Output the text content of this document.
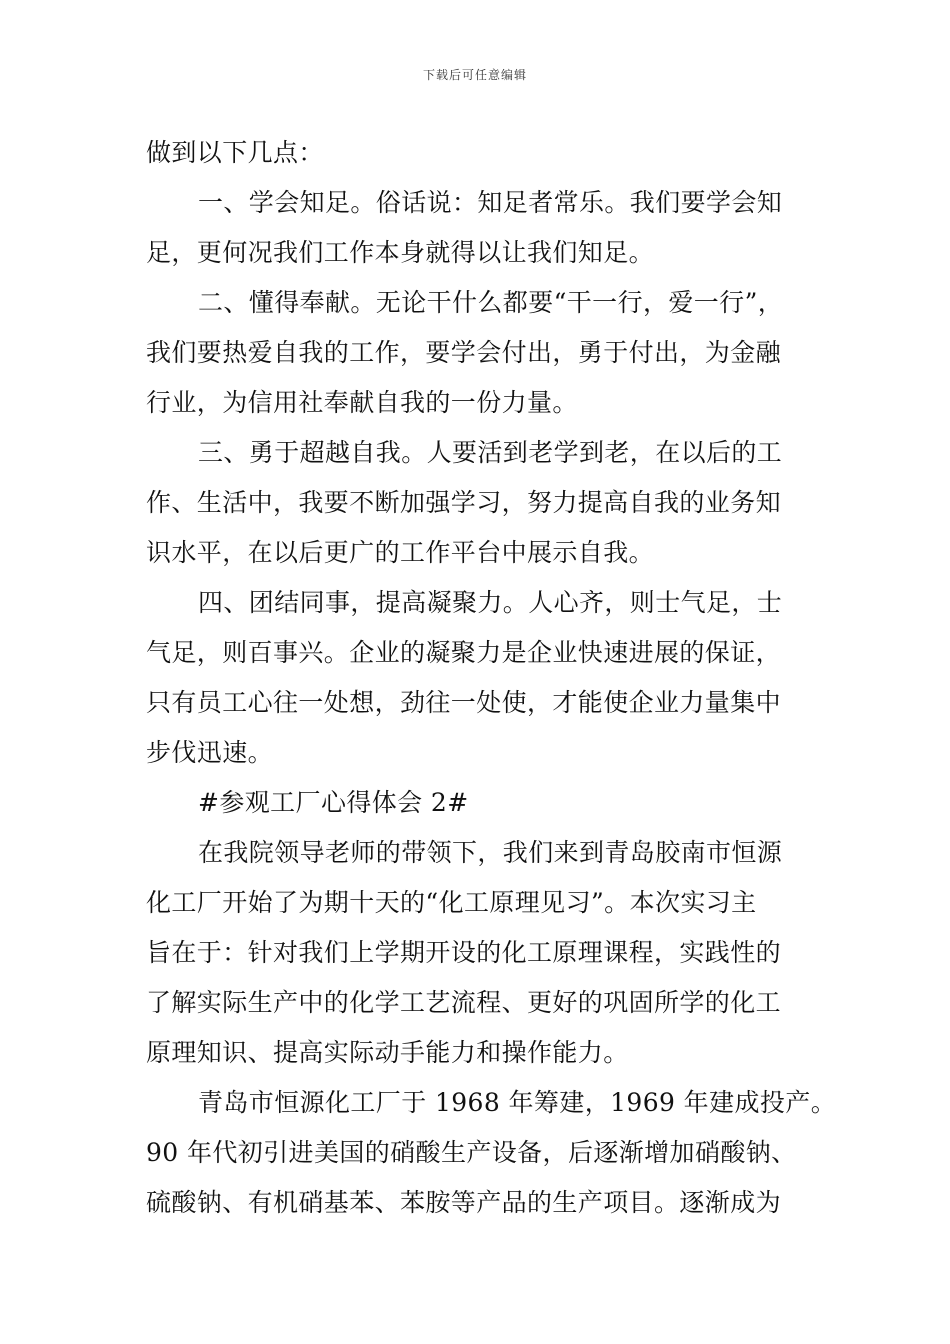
下载后可任意编辑
做到以下几点：
一、学会知足。俗话说：知足者常乐。我们要学会知
足，更何况我们工作本身就得以让我们知足。
二、懂得奉献。无论干什么都要“干一行，爱一行”，
我们要热爱自我的工作，要学会付出，勇于付出，为金融
行业，为信用社奉献自我的一份力量。
三、勇于超越自我。人要活到老学到老，在以后的工
作、生活中，我要不断加强学习，努力提高自我的业务知
识水平，在以后更广的工作平台中展示自我。
四、团结同事，提高凝聚力。人心齐，则士气足，士
气足，则百事兴。企业的凝聚力是企业快速进展的保证，
只有员工心往一处想，劲往一处使，才能使企业力量集中
步伐迅速。
#参观工厂心得体会 2#
在我院领导老师的带领下，我们来到青岛胶南市恒源
化工厂开始了为期十天的“化工原理见习”。本次实习主
旨在于：针对我们上学期开设的化工原理课程，实践性的
了解实际生产中的化学工艺流程、更好的巩固所学的化工
原理知识、提高实际动手能力和操作能力。
青岛市恒源化工厂于 1968 年筹建，1969 年建成投产。
90 年代初引进美国的硝酸生产设备，后逐渐增加硝酸钠、
硫酸钠、有机硝基苯、苯胺等产品的生产项目。逐渐成为
